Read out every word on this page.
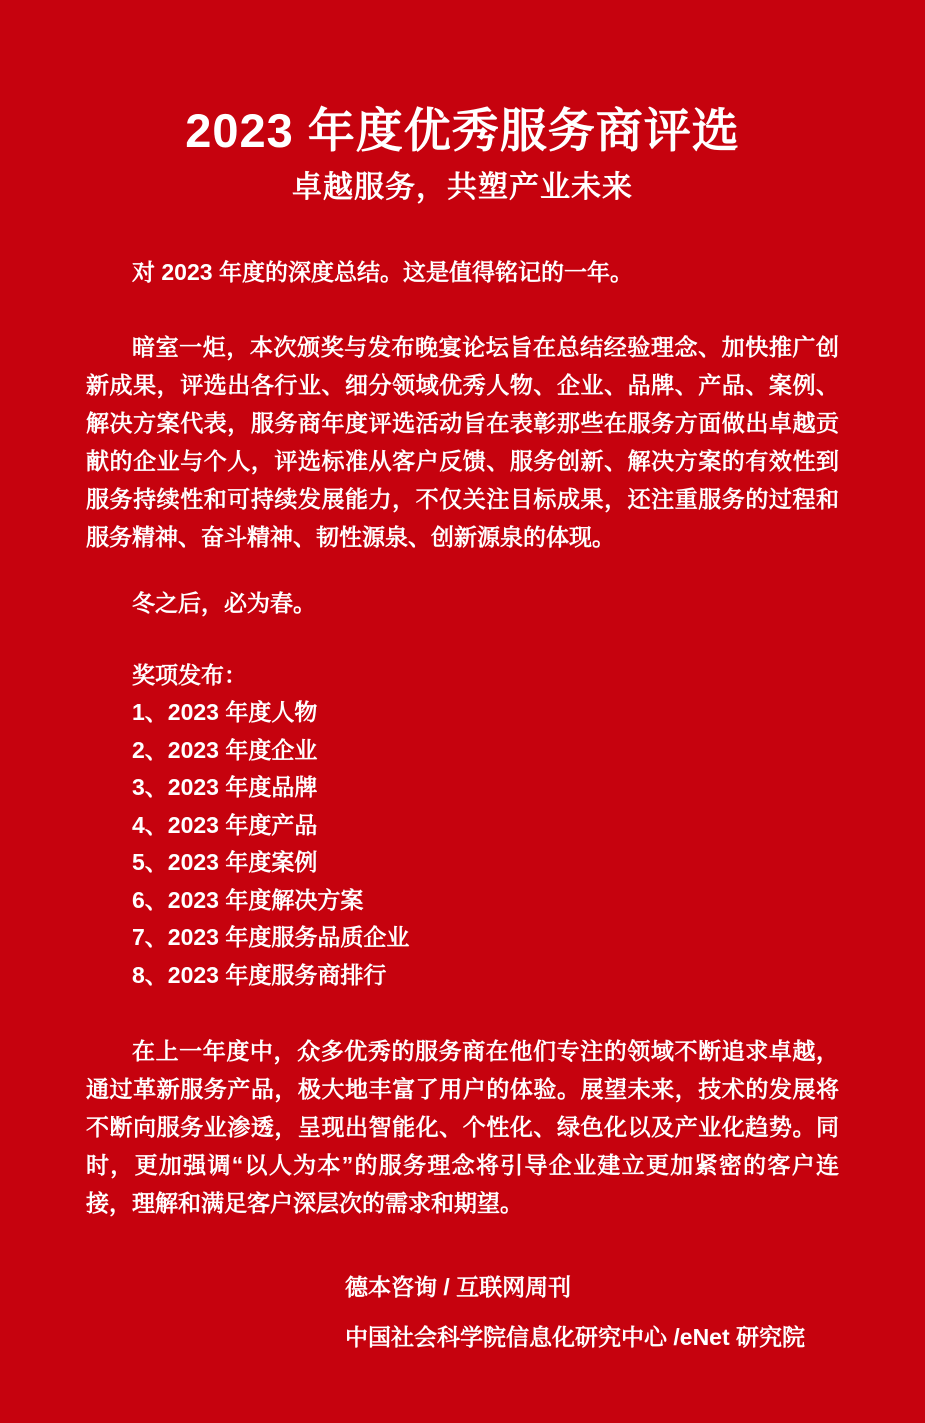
2023 年度优秀服务商评选
卓越服务，共塑产业未来

对 2023 年度的深度总结。这是值得铭记的一年。

暗室一炬，本次颁奖与发布晚宴论坛旨在总结经验理念、加快推广创新成果，评选出各行业、细分领域优秀人物、企业、品牌、产品、案例、解决方案代表，服务商年度评选活动旨在表彰那些在服务方面做出卓越贡献的企业与个人，评选标准从客户反馈、服务创新、解决方案的有效性到服务持续性和可持续发展能力，不仅关注目标成果，还注重服务的过程和服务精神、奋斗精神、韧性源泉、创新源泉的体现。

冬之后，必为春。

奖项发布：

1、2023 年度人物
2、2023 年度企业
3、2023 年度品牌
4、2023 年度产品
5、2023 年度案例
6、2023 年度解决方案
7、2023 年度服务品质企业
8、2023 年度服务商排行

在上一年度中，众多优秀的服务商在他们专注的领域不断追求卓越，通过革新服务产品，极大地丰富了用户的体验。展望未来，技术的发展将不断向服务业渗透，呈现出智能化、个性化、绿色化以及产业化趋势。同时，更加强调“以人为本”的服务理念将引导企业建立更加紧密的客户连接，理解和满足客户深层次的需求和期望。

德本咨询 / 互联网周刊
中国社会科学院信息化研究中心 /eNet 研究院
